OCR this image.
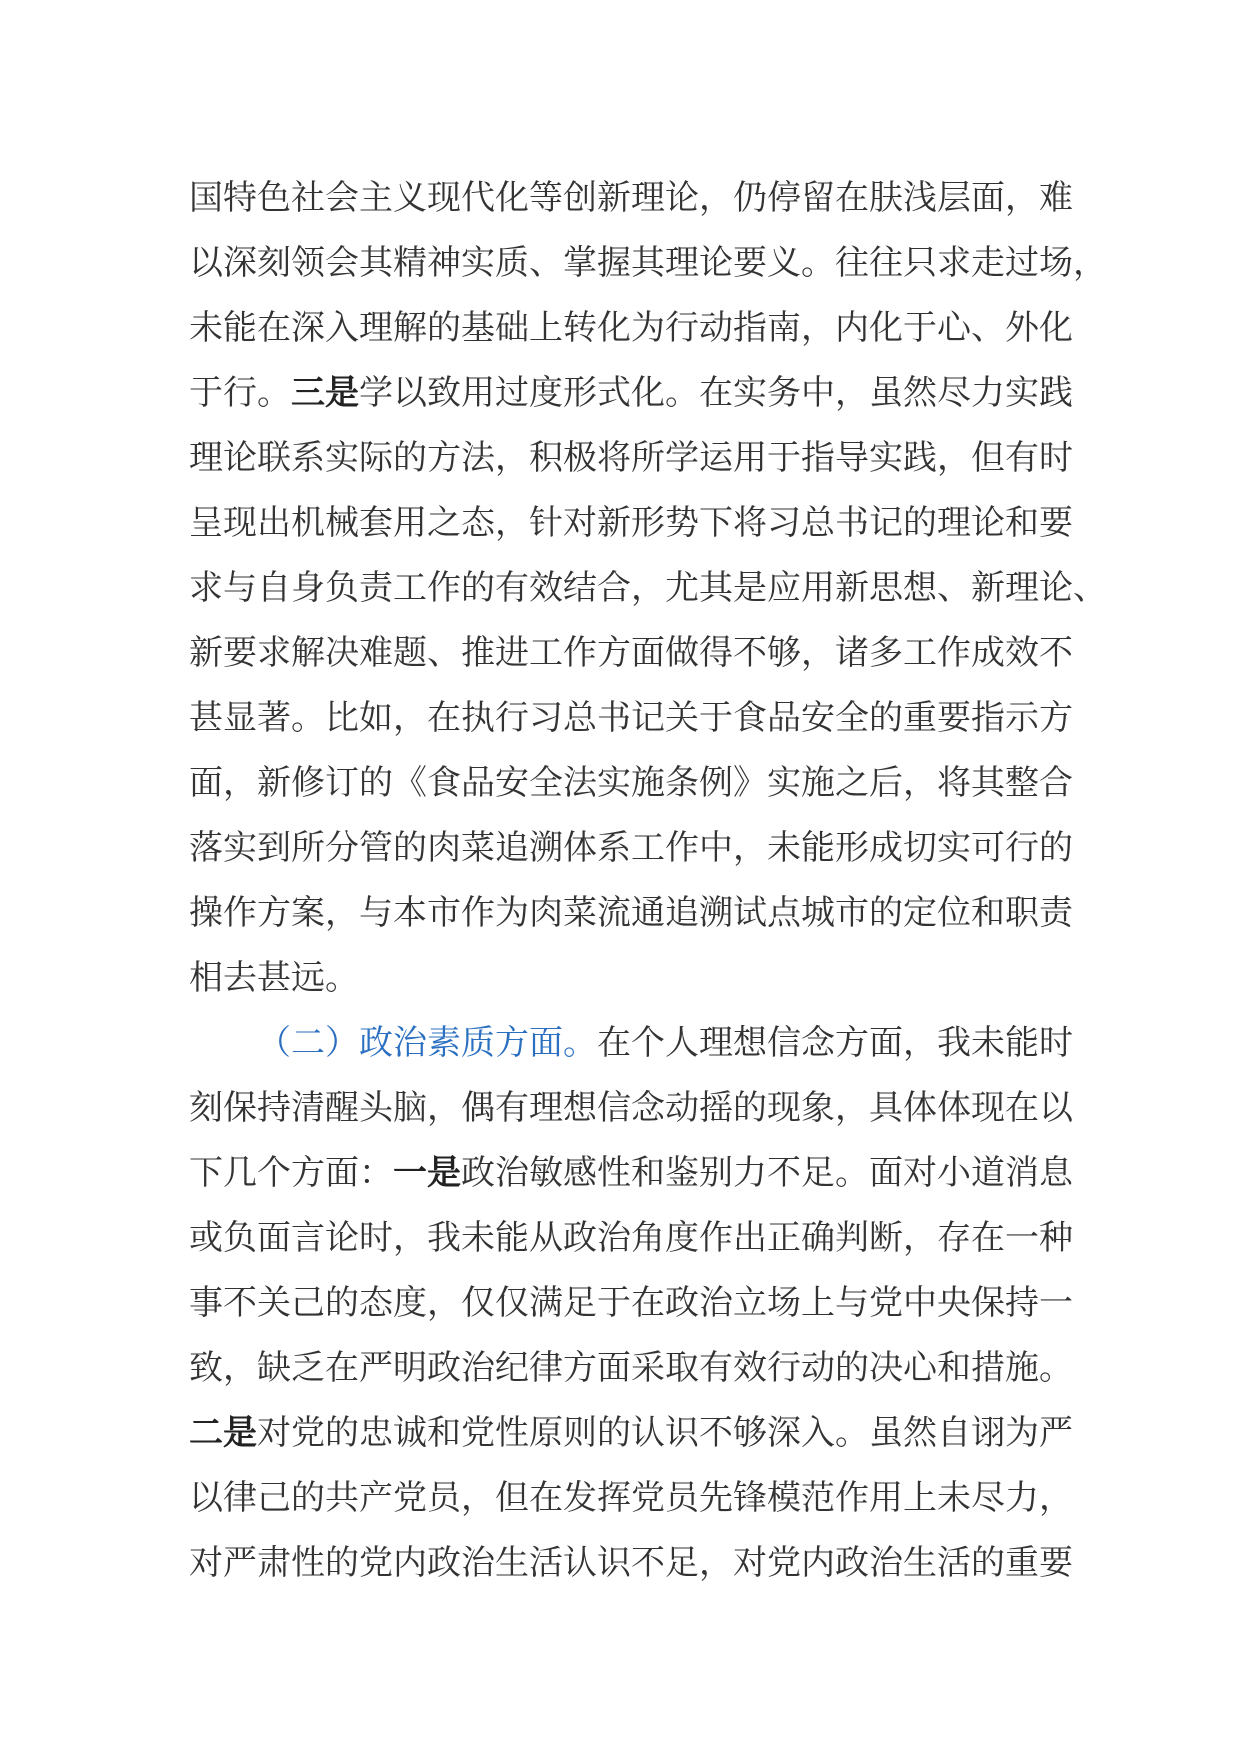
国特色社会主义现代化等创新理论，仍停留在肤浅层面，难
以深刻领会其精神实质、掌握其理论要义。往往只求走过场，
未能在深入理解的基础上转化为行动指南，内化于心、外化
于行。三是学以致用过度形式化。在实务中，虽然尽力实践
理论联系实际的方法，积极将所学运用于指导实践，但有时
呈现出机械套用之态，针对新形势下将习总书记的理论和要
求与自身负责工作的有效结合，尤其是应用新思想、新理论、
新要求解决难题、推进工作方面做得不够，诸多工作成效不
甚显著。比如，在执行习总书记关于食品安全的重要指示方
面，新修订的《食品安全法实施条例》实施之后，将其整合
落实到所分管的肉菜追溯体系工作中，未能形成切实可行的
操作方案，与本市作为肉菜流通追溯试点城市的定位和职责
相去甚远。
（二）政治素质方面。在个人理想信念方面，我未能时
刻保持清醒头脑，偶有理想信念动摇的现象，具体体现在以
下几个方面：一是政治敏感性和鉴别力不足。面对小道消息
或负面言论时，我未能从政治角度作出正确判断，存在一种
事不关己的态度，仅仅满足于在政治立场上与党中央保持一
致，缺乏在严明政治纪律方面采取有效行动的决心和措施。
二是对党的忠诚和党性原则的认识不够深入。虽然自诩为严
以律己的共产党员，但在发挥党员先锋模范作用上未尽力，
对严肃性的党内政治生活认识不足，对党内政治生活的重要
